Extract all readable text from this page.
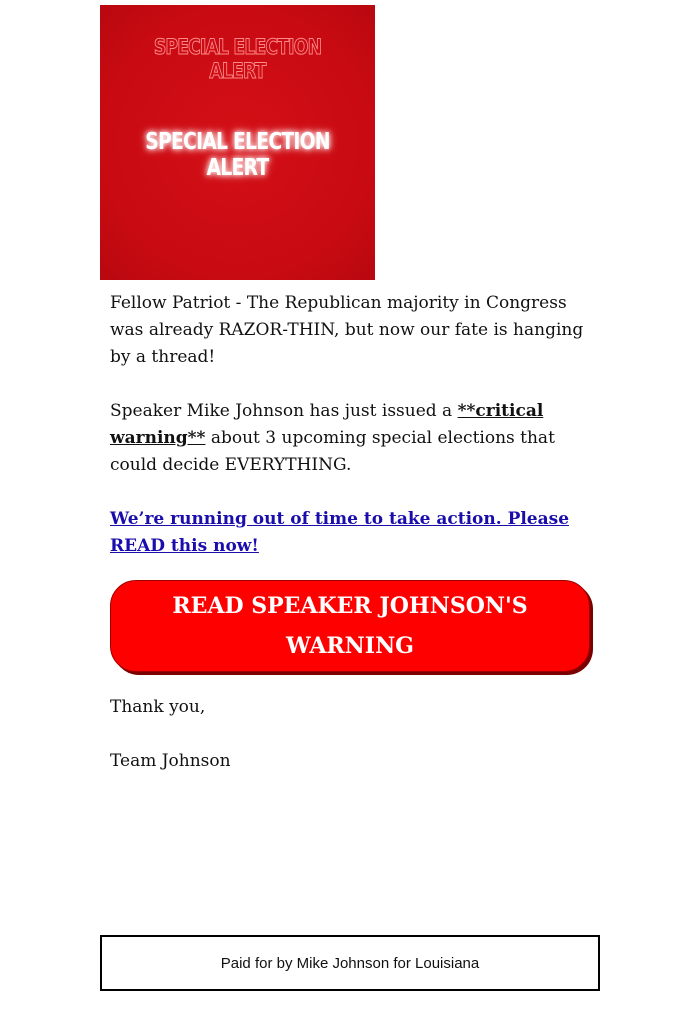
SPECIAL ELECTION ALERT
SPECIAL ELECTION ALERT

Fellow Patriot - The Republican majority in Congress was already RAZOR-THIN, but now our fate is hanging by a thread!

Speaker Mike Johnson has just issued a **critical warning** about 3 upcoming special elections that could decide EVERYTHING.

We’re running out of time to take action. Please READ this now!

READ SPEAKER JOHNSON'S WARNING

Thank you,

Team Johnson

Paid for by Mike Johnson for Louisiana
